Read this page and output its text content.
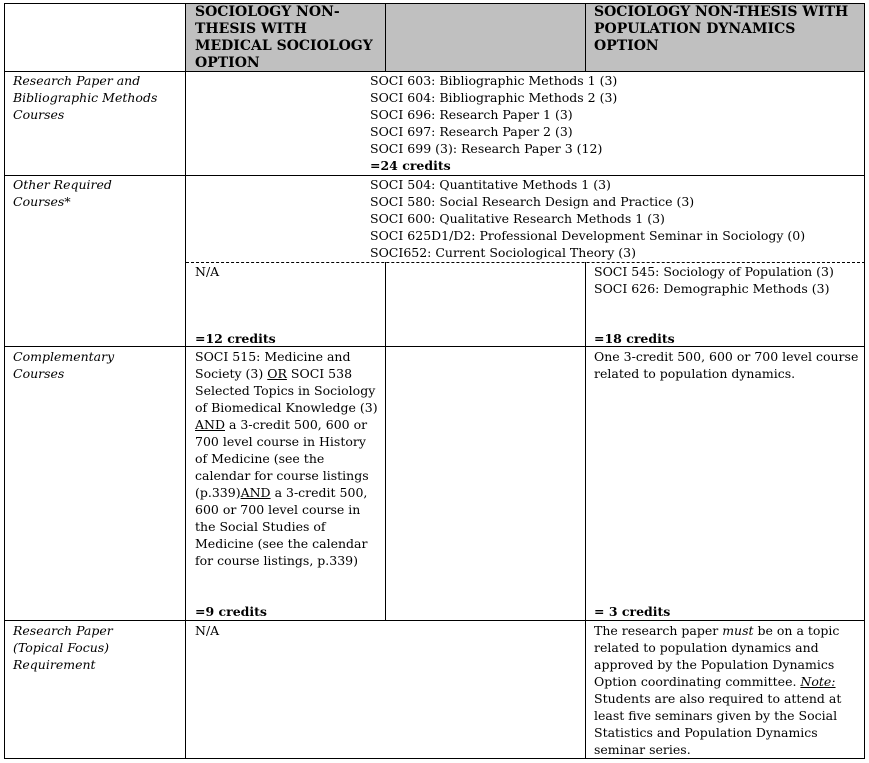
SOCIOLOGY NON-THESIS WITH MEDICAL SOCIOLOGY OPTION
SOCIOLOGY NON-THESIS WITH POPULATION DYNAMICS OPTION
Research Paper and Bibliographic Methods Courses
SOCI 603: Bibliographic Methods 1 (3)
SOCI 604: Bibliographic Methods 2 (3)
SOCI 696: Research Paper 1 (3)
SOCI 697: Research Paper 2 (3)
SOCI 699 (3): Research Paper 3 (12)
=24 credits
Other Required Courses*
SOCI 504: Quantitative Methods 1 (3)
SOCI 580: Social Research Design and Practice (3)
SOCI 600: Qualitative Research Methods 1 (3)
SOCI 625D1/D2: Professional Development Seminar in Sociology (0)
SOCI652: Current Sociological Theory (3)
N/A
=12 credits
SOCI 545: Sociology of Population (3)
SOCI 626: Demographic Methods (3)
=18 credits
Complementary Courses
SOCI 515: Medicine and Society (3) OR SOCI 538 Selected Topics in Sociology of Biomedical Knowledge (3) AND a 3-credit 500, 600 or 700 level course in History of Medicine (see the calendar for course listings (p.339)AND a 3-credit 500, 600 or 700 level course in the Social Studies of Medicine (see the calendar for course listings, p.339)
=9 credits
One 3-credit 500, 600 or 700 level course related to population dynamics.
= 3 credits
Research Paper (Topical Focus) Requirement
N/A	The research paper must be on a topic related to population dynamics and approved by the Population Dynamics Option coordinating committee. Note: Students are also required to attend at least five seminars given by the Social Statistics and Population Dynamics seminar series.
